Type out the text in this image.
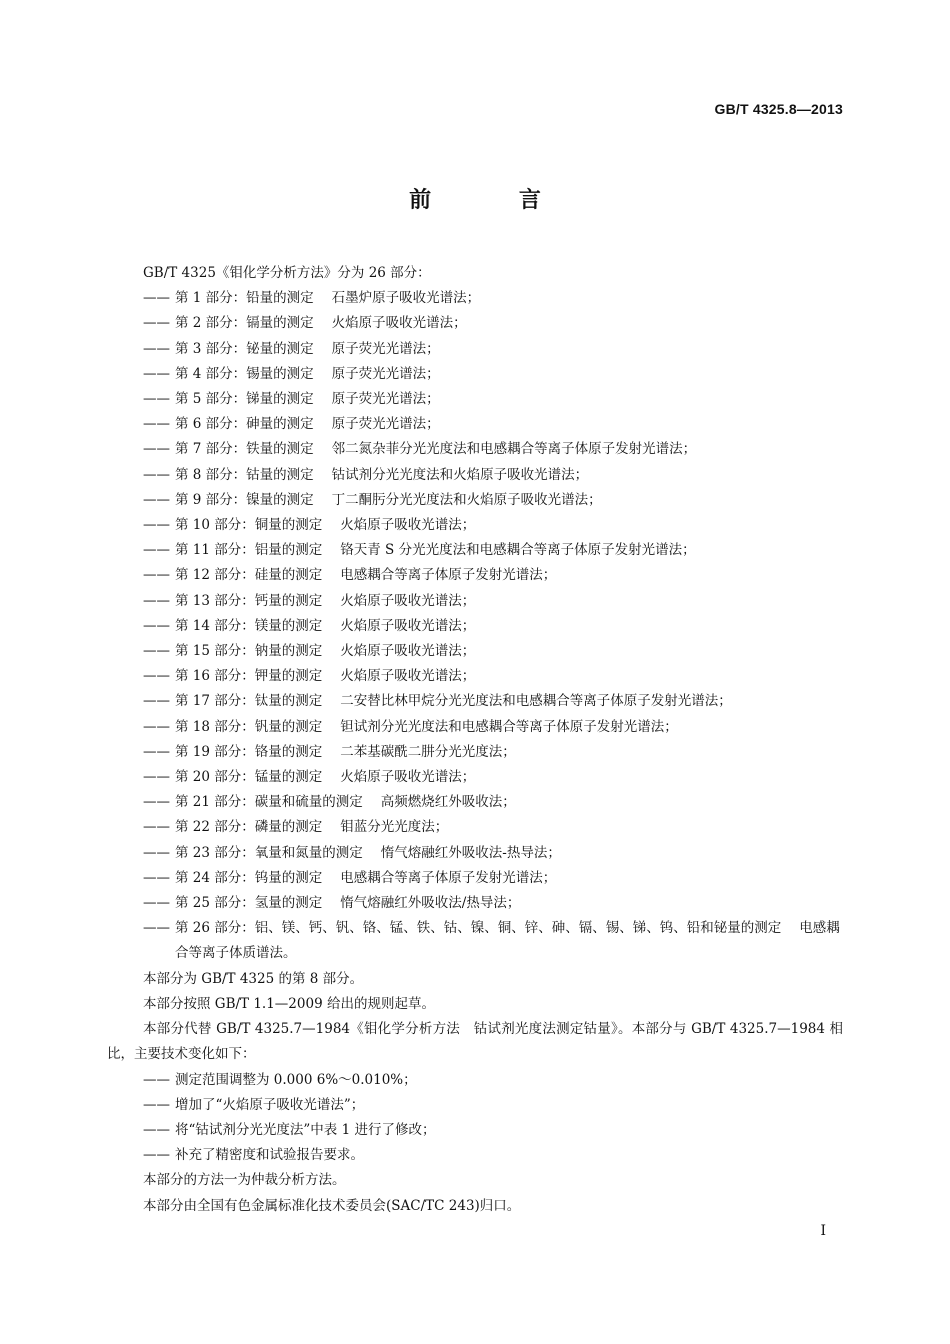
GB/T 4325.8—2013
前 言
GB/T 4325《钼化学分析方法》分为 26 部分：
—— 第 1 部分：铅量的测定 石墨炉原子吸收光谱法；
—— 第 2 部分：镉量的测定 火焰原子吸收光谱法；
—— 第 3 部分：铋量的测定 原子荧光光谱法；
—— 第 4 部分：锡量的测定 原子荧光光谱法；
—— 第 5 部分：锑量的测定 原子荧光光谱法；
—— 第 6 部分：砷量的测定 原子荧光光谱法；
—— 第 7 部分：铁量的测定 邻二氮杂菲分光光度法和电感耦合等离子体原子发射光谱法；
—— 第 8 部分：钴量的测定 钴试剂分光光度法和火焰原子吸收光谱法；
—— 第 9 部分：镍量的测定 丁二酮肟分光光度法和火焰原子吸收光谱法；
—— 第 10 部分：铜量的测定 火焰原子吸收光谱法；
—— 第 11 部分：铝量的测定 铬天青 S 分光光度法和电感耦合等离子体原子发射光谱法；
—— 第 12 部分：硅量的测定 电感耦合等离子体原子发射光谱法；
—— 第 13 部分：钙量的测定 火焰原子吸收光谱法；
—— 第 14 部分：镁量的测定 火焰原子吸收光谱法；
—— 第 15 部分：钠量的测定 火焰原子吸收光谱法；
—— 第 16 部分：钾量的测定 火焰原子吸收光谱法；
—— 第 17 部分：钛量的测定 二安替比林甲烷分光光度法和电感耦合等离子体原子发射光谱法；
—— 第 18 部分：钒量的测定 钽试剂分光光度法和电感耦合等离子体原子发射光谱法；
—— 第 19 部分：铬量的测定 二苯基碳酰二肼分光光度法；
—— 第 20 部分：锰量的测定 火焰原子吸收光谱法；
—— 第 21 部分：碳量和硫量的测定 高频燃烧红外吸收法；
—— 第 22 部分：磷量的测定 钼蓝分光光度法；
—— 第 23 部分：氧量和氮量的测定 惰气熔融红外吸收法-热导法；
—— 第 24 部分：钨量的测定 电感耦合等离子体原子发射光谱法；
—— 第 25 部分：氢量的测定 惰气熔融红外吸收法/热导法；
—— 第 26 部分：铝、镁、钙、钒、铬、锰、铁、钴、镍、铜、锌、砷、镉、锡、锑、钨、铅和铋量的测定 电感耦合等离子体质谱法。
本部分为 GB/T 4325 的第 8 部分。
本部分按照 GB/T 1.1—2009 给出的规则起草。
本部分代替 GB/T 4325.7—1984《钼化学分析方法　钴试剂光度法测定钴量》。本部分与 GB/T 4325.7—1984 相比，主要技术变化如下：
—— 测定范围调整为 0.000 6%～0.010%；
—— 增加了“火焰原子吸收光谱法”；
—— 将“钴试剂分光光度法”中表 1 进行了修改；
—— 补充了精密度和试验报告要求。
本部分的方法一为仲裁分析方法。
本部分由全国有色金属标准化技术委员会(SAC/TC 243)归口。
I
